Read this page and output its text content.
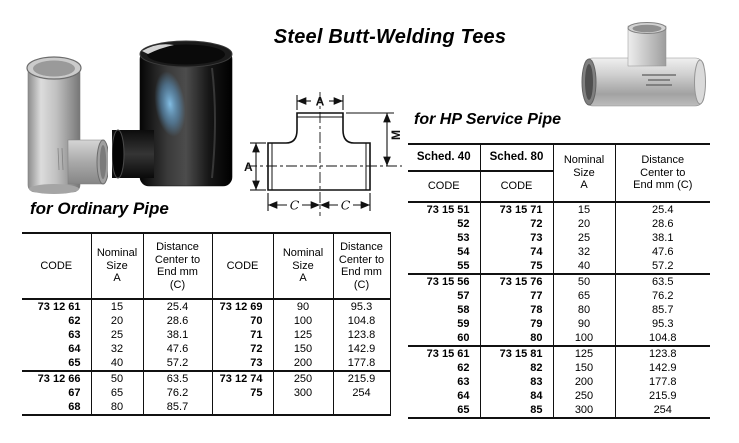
Steel Butt-Welding Tees
A
A
M
C	C
for Ordinary Pipe
for HP Service Pipe
CODE	
Nominal
Size
A

Distance
Center to
End mm
(C)
	CODE	
Nominal
Size
A

Distance
Center to
End mm
(C)

73 12 61	15	25.4	73 12 69	90	95.3
62	20	28.6	70	100	104.8
63	25	38.1	71	125	123.8
64	32	47.6	72	150	142.9
65	40	57.2	73	200	177.8
73 12 66	50	63.5	73 12 74	250	215.9
67	65	76.2	75	300	254
68	80	85.7			
Sched. 40	Sched. 80	Nominal
Size
A

Distance
Center to
End mm (C)

CODE	CODE		
73 15 51	73 15 71	15	25.4
52	72	20	28.6
53	73	25	38.1
54	74	32	47.6
55	75	40	57.2
73 15 56	73 15 76	50	63.5
57	77	65	76.2
58	78	80	85.7
59	79	90	95.3
60	80	100	104.8
73 15 61	73 15 81	125	123.8
62	82	150	142.9
63	83	200	177.8
64	84	250	215.9
65	85	300	254
